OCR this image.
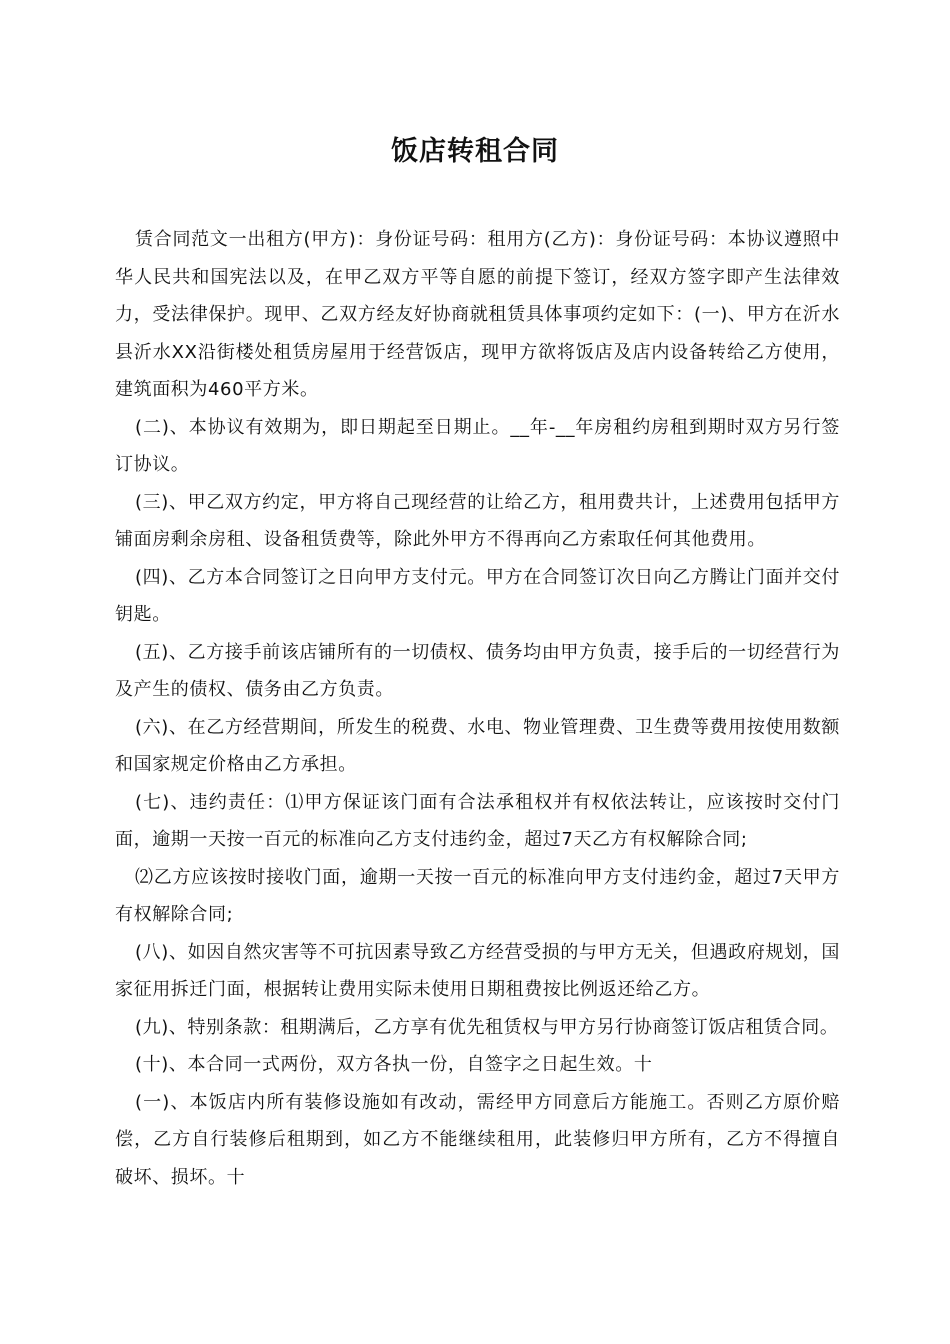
饭店转租合同

赁合同范文一出租方(甲方)：身份证号码：租用方(乙方)：身份证号码：本协议遵照中华人民共和国宪法以及，在甲乙双方平等自愿的前提下签订，经双方签字即产生法律效力，受法律保护。现甲、乙双方经友好协商就租赁具体事项约定如下：(一)、甲方在沂水县沂水XX沿街楼处租赁房屋用于经营饭店，现甲方欲将饭店及店内设备转给乙方使用，建筑面积为460平方米。

(二)、本协议有效期为，即日期起至日期止。__年-__年房租约房租到期时双方另行签订协议。

(三)、甲乙双方约定，甲方将自己现经营的让给乙方，租用费共计，上述费用包括甲方铺面房剩余房租、设备租赁费等，除此外甲方不得再向乙方索取任何其他费用。

(四)、乙方本合同签订之日向甲方支付元。甲方在合同签订次日向乙方腾让门面并交付钥匙。

(五)、乙方接手前该店铺所有的一切债权、债务均由甲方负责，接手后的一切经营行为及产生的债权、债务由乙方负责。

(六)、在乙方经营期间，所发生的税费、水电、物业管理费、卫生费等费用按使用数额和国家规定价格由乙方承担。

(七)、违约责任：⑴甲方保证该门面有合法承租权并有权依法转让，应该按时交付门面，逾期一天按一百元的标准向乙方支付违约金，超过7天乙方有权解除合同;

⑵乙方应该按时接收门面，逾期一天按一百元的标准向甲方支付违约金，超过7天甲方有权解除合同;

(八)、如因自然灾害等不可抗因素导致乙方经营受损的与甲方无关，但遇政府规划，国家征用拆迁门面，根据转让费用实际未使用日期租费按比例返还给乙方。

(九)、特别条款：租期满后，乙方享有优先租赁权与甲方另行协商签订饭店租赁合同。

(十)、本合同一式两份，双方各执一份，自签字之日起生效。十

(一)、本饭店内所有装修设施如有改动，需经甲方同意后方能施工。否则乙方原价赔偿，乙方自行装修后租期到，如乙方不能继续租用，此装修归甲方所有，乙方不得擅自破坏、损坏。十
